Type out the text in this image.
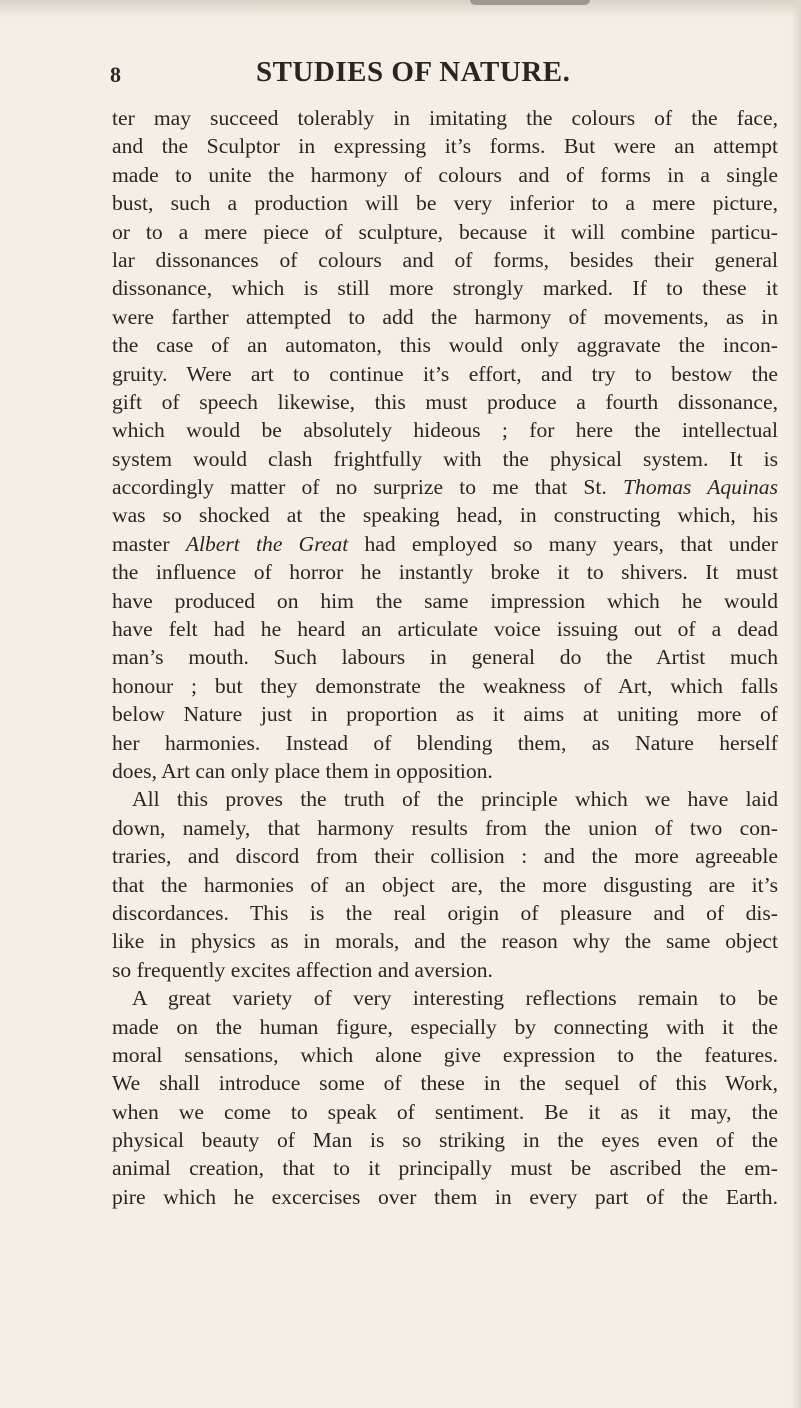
8	STUDIES OF NATURE.
ter may succeed tolerably in imitating the colours of the face,
and the Sculptor in expressing it’s forms. But were an attempt
made to unite the harmony of colours and of forms in a single
bust, such a production will be very inferior to a mere picture,
or to a mere piece of sculpture, because it will combine particu-
lar dissonances of colours and of forms, besides their general
dissonance, which is still more strongly marked. If to these it
were farther attempted to add the harmony of movements, as in
the case of an automaton, this would only aggravate the incon-
gruity. Were art to continue it’s effort, and try to bestow the
gift of speech likewise, this must produce a fourth dissonance,
which would be absolutely hideous ; for here the intellectual
system would clash frightfully with the physical system. It is
accordingly matter of no surprize to me that St. Thomas Aquinas
was so shocked at the speaking head, in constructing which, his
master Albert the Great had employed so many years, that under
the influence of horror he instantly broke it to shivers. It must
have produced on him the same impression which he would
have felt had he heard an articulate voice issuing out of a dead
man’s mouth. Such labours in general do the Artist much
honour ; but they demonstrate the weakness of Art, which falls
below Nature just in proportion as it aims at uniting more of
her harmonies. Instead of blending them, as Nature herself
does, Art can only place them in opposition.
All this proves the truth of the principle which we have laid
down, namely, that harmony results from the union of two con-
traries, and discord from their collision : and the more agreeable
that the harmonies of an object are, the more disgusting are it’s
discordances. This is the real origin of pleasure and of dis-
like in physics as in morals, and the reason why the same object
so frequently excites affection and aversion.
A great variety of very interesting reflections remain to be
made on the human figure, especially by connecting with it the
moral sensations, which alone give expression to the features.
We shall introduce some of these in the sequel of this Work,
when we come to speak of sentiment. Be it as it may, the
physical beauty of Man is so striking in the eyes even of the
animal creation, that to it principally must be ascribed the em-
pire which he excercises over them in every part of the Earth.
